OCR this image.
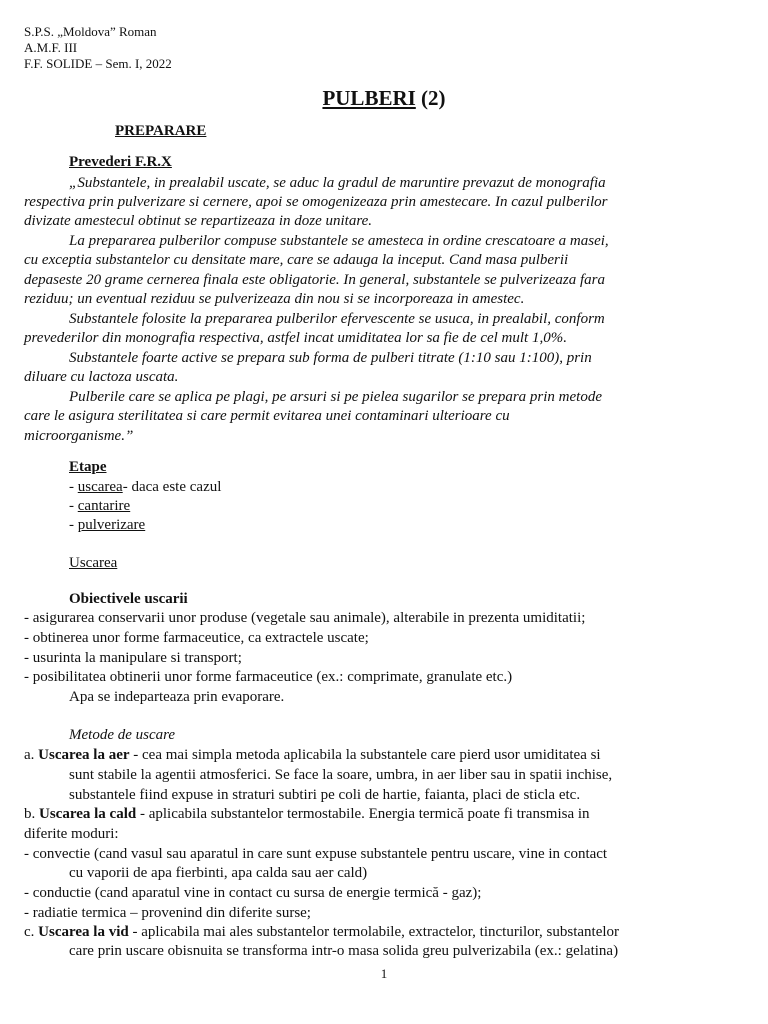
S.P.S. „Moldova” Roman
A.M.F. III
F.F. SOLIDE – Sem. I, 2022
PULBERI (2)
PREPARARE
Prevederi F.R.X
„Substantele, in prealabil uscate, se aduc la gradul de maruntire prevazut de monografia
respectiva prin pulverizare si cernere, apoi se omogenizeaza prin amestecare. In cazul pulberilor
divizate amestecul obtinut se repartizeaza in doze unitare.
La prepararea pulberilor compuse substantele se amesteca in ordine crescatoare a masei,
cu exceptia substantelor cu densitate mare, care se adauga la inceput. Cand masa pulberii
depaseste 20 grame cernerea finala este obligatorie. In general, substantele se pulverizeaza fara
reziduu; un eventual reziduu se pulverizeaza din nou si se incorporeaza in amestec.
Substantele folosite la prepararea pulberilor efervescente se usuca, in prealabil, conform
prevederilor din monografia respectiva, astfel incat umiditatea lor sa fie de cel mult 1,0%.
Substantele foarte active se prepara sub forma de pulberi titrate (1:10 sau 1:100), prin
diluare cu lactoza uscata.
Pulberile care se aplica pe plagi, pe arsuri si pe pielea sugarilor se prepara prin metode
care le asigura sterilitatea si care permit evitarea unei contaminari ulterioare cu
microorganisme.”
Etape
- uscarea- daca este cazul
- cantarire
- pulverizare
Uscarea
Obiectivele uscarii
- asigurarea conservarii unor produse (vegetale sau animale), alterabile in prezenta umiditatii;
- obtinerea unor forme farmaceutice, ca extractele uscate;
- usurinta la manipulare si transport;
- posibilitatea obtinerii unor forme farmaceutice (ex.: comprimate, granulate etc.)
Apa se indeparteaza prin evaporare.
Metode de uscare
a. Uscarea la aer - cea mai simpla metoda aplicabila la substantele care pierd usor umiditatea si
sunt stabile la agentii atmosferici. Se face la soare, umbra, in aer liber sau in spatii inchise,
substantele fiind expuse in straturi subtiri pe coli de hartie, faianta, placi de sticla etc.
b. Uscarea la cald - aplicabila substantelor termostabile. Energia termică poate fi transmisa in
diferite moduri:
- convectie (cand vasul sau aparatul in care sunt expuse substantele pentru uscare, vine in contact
cu vaporii de apa fierbinti, apa calda sau aer cald)
- conductie (cand aparatul vine in contact cu sursa de energie termică - gaz);
- radiatie termica – provenind din diferite surse;
c. Uscarea la vid - aplicabila mai ales substantelor termolabile, extractelor, tincturilor, substantelor
care prin uscare obisnuita se transforma intr-o masa solida greu pulverizabila (ex.: gelatina)
1
